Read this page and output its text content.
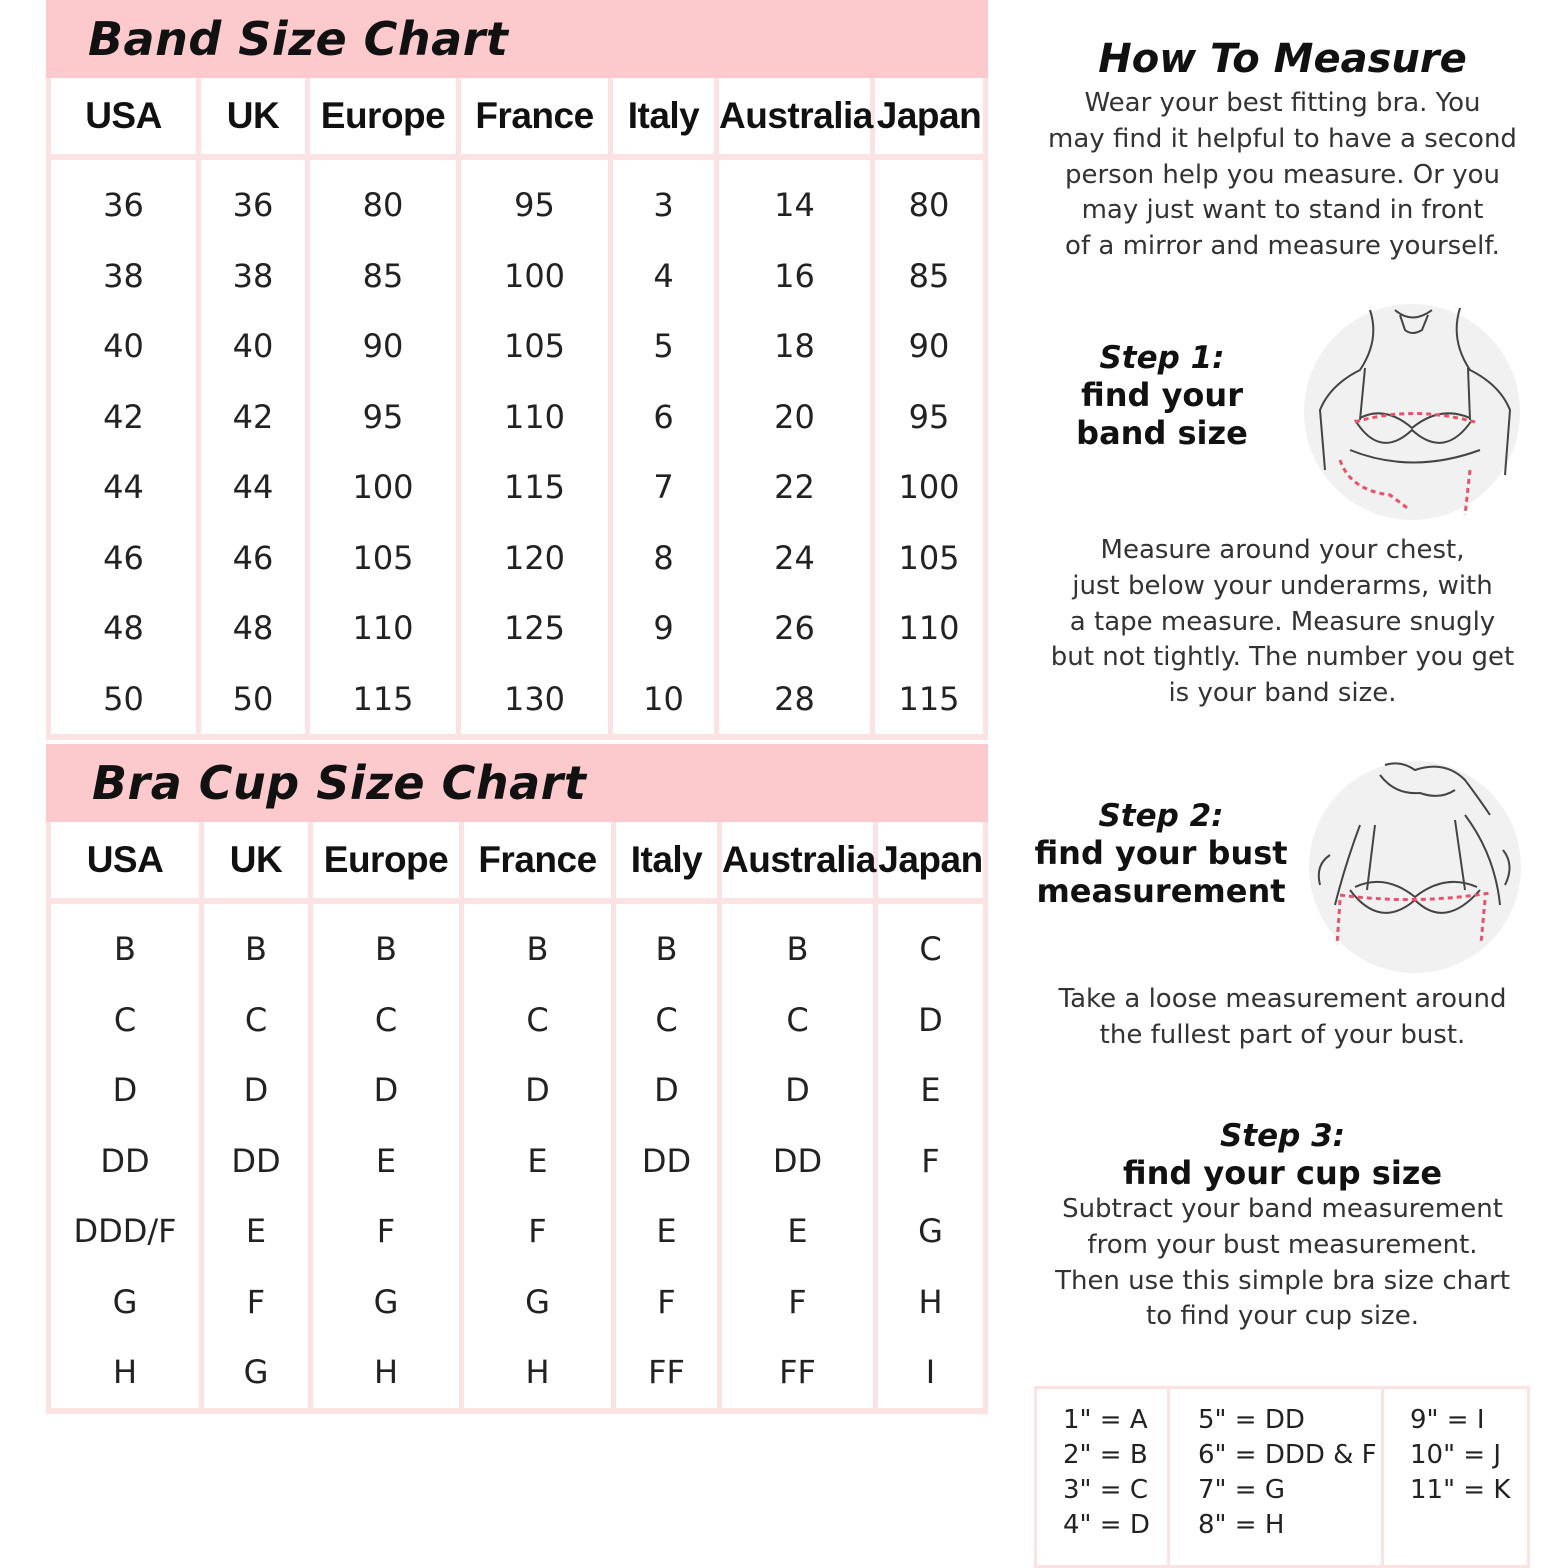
Band Size Chart
USA	UK	Europe	France	Italy	Australia	Japan
36	36	80	95	3	14	80
38	38	85	100	4	16	85
40	40	90	105	5	18	90
42	42	95	110	6	20	95
44	44	100	115	7	22	100
46	46	105	120	8	24	105
48	48	110	125	9	26	110
50	50	115	130	10	28	115
Bra Cup Size Chart
USA	UK	Europe	France	Italy	Australia	Japan
B	B	B	B	B	B	C
C	C	C	C	C	C	D
D	D	D	D	D	D	E
DD	DD	E	E	DD	DD	F
DDD/F	E	F	F	E	E	G
G	F	G	G	F	F	H
H	G	H	H	FF	FF	I
How To Measure
Wear your best fitting bra. You
may find it helpful to have a second
person help you measure. Or you
may just want to stand in front
of a mirror and measure yourself.
Step 1:
find your
band size
Measure around your chest,
just below your underarms, with
a tape measure. Measure snugly
but not tightly. The number you get
is your band size.
Step 2:
find your bust
measurement
Take a loose measurement around
the fullest part of your bust.
Step 3:
find your cup size
Subtract your band measurement
from your bust measurement.
Then use this simple bra size chart
to find your cup size.
1" = A
2" = B
3" = C
4" = D
5" = DD
6" = DDD & F
7" = G
8" = H
9" = I
10" = J
11" = K
